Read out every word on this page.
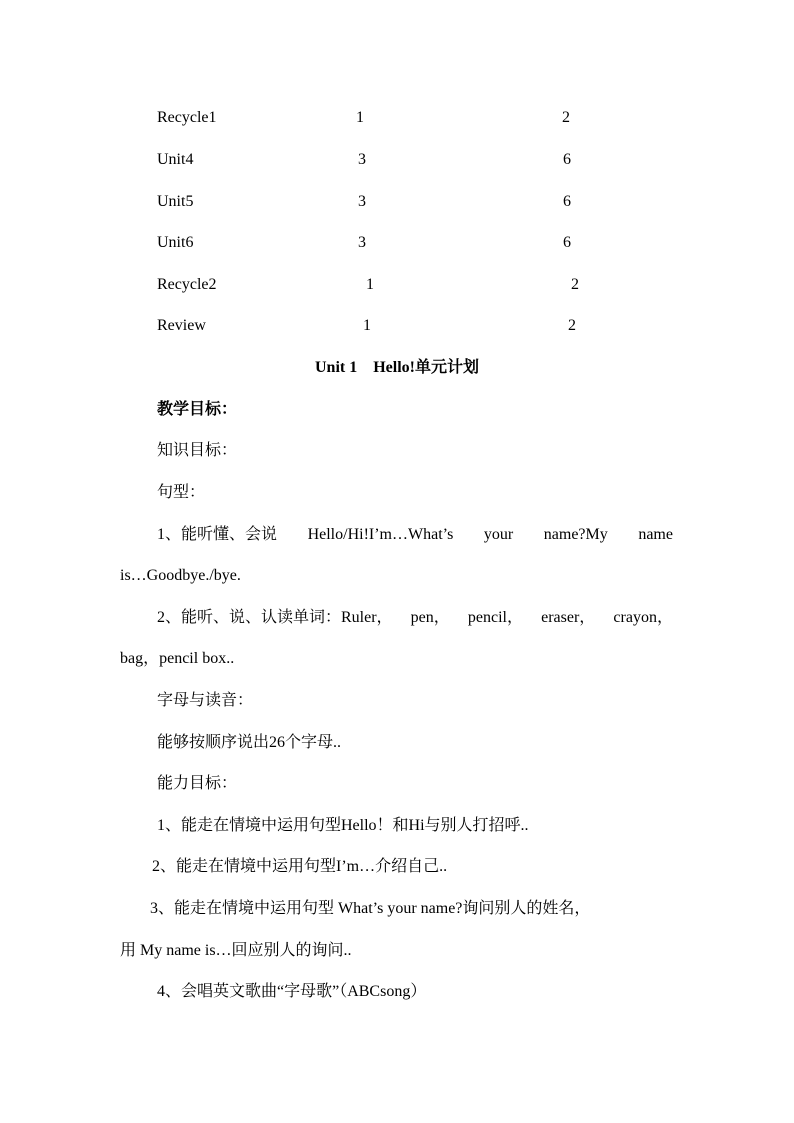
Recycle1	1	2
Unit4	3	6
Unit5	3	6
Unit6	3	6
Recycle2	1	2
Review	1	2
Unit 1　Hello!单元计划
教学目标：
知识目标：
句型：
1、能听懂、会说 Hello/Hi!I’m…What’s your name?My name
is…Goodbye./bye.
2、能听、说、认读单词：Ruler， pen， pencil， eraser， crayon，
bag，pencil box..
字母与读音：
能够按顺序说出26个字母..
能力目标：
1、能走在情境中运用句型Hello！和Hi与别人打招呼..
2、能走在情境中运用句型I’m…介绍自己..
3、能走在情境中运用句型 What’s your name?询问别人的姓名，
用 My name is…回应别人的询问..
4、会唱英文歌曲“字母歌”（ABCsong）
